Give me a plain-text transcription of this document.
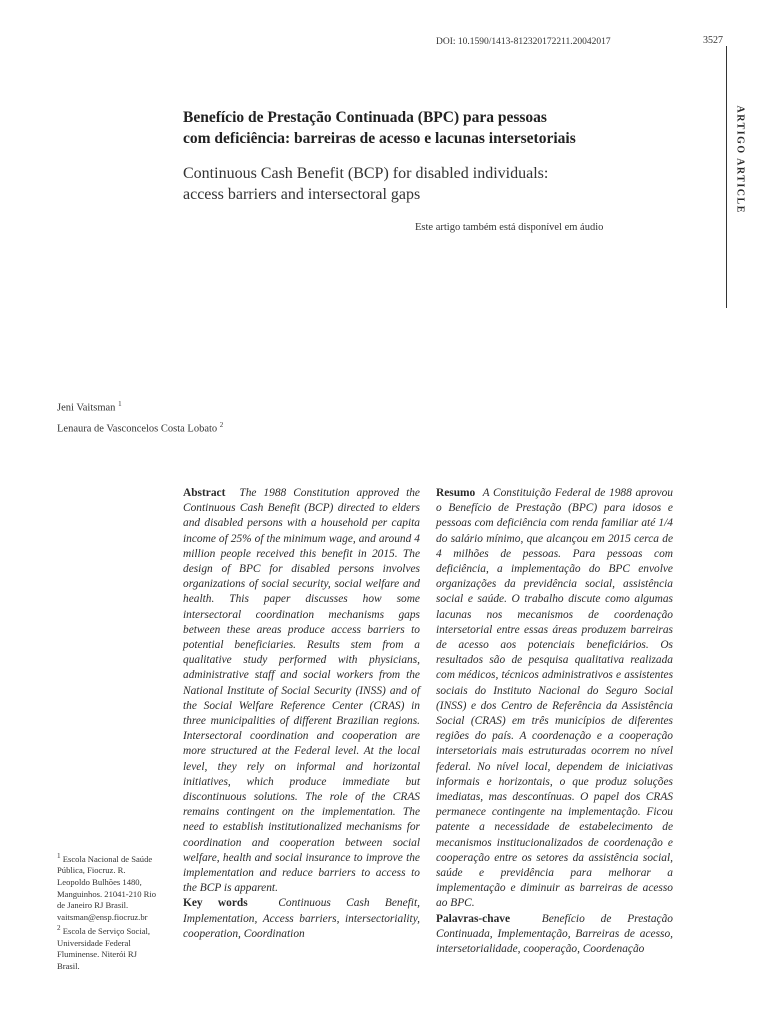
DOI: 10.1590/1413-812320172211.20042017	3527
ARTIGO ARTICLE
Benefício de Prestação Continuada (BPC) para pessoas
com deficiência: barreiras de acesso e lacunas intersetoriais
Continuous Cash Benefit (BCP) for disabled individuals:
access barriers and intersectoral gaps
Este artigo também está disponível em áudio
Jeni Vaitsman $^1$
Lenaura de Vasconcelos Costa Lobato $^2$

Abstract The 1988 Constitution approved the Continuous Cash Benefit (BCP) directed to elders and disabled persons with a household per capita income of 25% of the minimum wage, and around 4 million people received this benefit in 2015. The design of BPC for disabled persons involves organizations of social security, social welfare and health. This paper discusses how some intersectoral coordination mechanisms gaps between these areas produce access barriers to potential beneficiaries. Results stem from a qualitative study performed with physicians, administrative staff and social workers from the National Institute of Social Security (INSS) and of the Social Welfare Reference Center (CRAS) in three municipalities of different Brazilian regions. Intersectoral coordination and cooperation are more structured at the Federal level. At the local level, they rely on informal and horizontal initiatives, which produce immediate but discontinuous solutions. The role of the CRAS remains contingent on the implementation. The need to establish institutionalized mechanisms for coordination and cooperation between social welfare, health and social insurance to improve the implementation and reduce barriers to access to the BCP is apparent.

Key words	Continuous Cash Benefit, Implementation, Access barriers, intersectoriality, cooperation, Coordination

Resumo A Constituição Federal de 1988 aprovou o Benefício de Prestação (BPC) para idosos e pessoas com deficiência com renda familiar até 1/4 do salário mínimo, que alcançou em 2015 cerca de 4 milhões de pessoas. Para pessoas com deficiência, a implementação do BPC envolve organizações da previdência social, assistência social e saúde. O trabalho discute como algumas lacunas nos mecanismos de coordenação intersetorial entre essas áreas produzem barreiras de acesso aos potenciais beneficiários. Os resultados são de pesquisa qualitativa realizada com médicos, técnicos administrativos e assistentes sociais do Instituto Nacional do Seguro Social (INSS) e dos Centro de Referência da Assistência Social (CRAS) em três municípios de diferentes regiões do país. A coordenação e a cooperação intersetoriais mais estruturadas ocorrem no nível federal. No nível local, dependem de iniciativas informais e horizontais, o que produz soluções imediatas, mas descontínuas. O papel dos CRAS permanece contingente na implementação. Ficou patente a necessidade de estabelecimento de mecanismos institucionalizados de coordenação e cooperação entre os setores da assistência social, saúde e previdência para melhorar a implementação e diminuir as barreiras de acesso ao BPC.

Palavras-chave	Benefício de Prestação Continuada, Implementação, Barreiras de acesso, intersetorialidade, cooperação, Coordenação

$^1$ Escola Nacional de Saúde Pública, Fiocruz. R. Leopoldo Bulhões 1480, Manguinhos. 21041-210 Rio de Janeiro RJ Brasil. vaitsman@ensp.fiocruz.br

$^2$ Escola de Serviço Social, Universidade Federal Fluminense. Niterói RJ Brasil.
